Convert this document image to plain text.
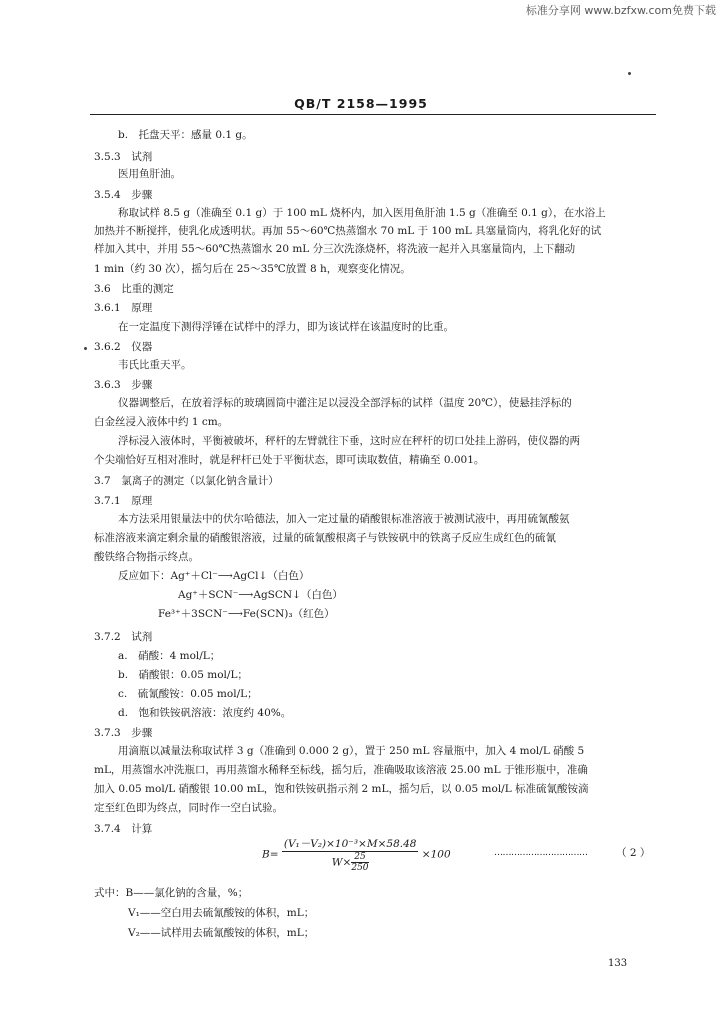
标准分享网 www.bzfxw.com免费下载
QB/T 2158—1995
b.　托盘天平：感量 0.1 g。
3.5.3　试剂
医用鱼肝油。
3.5.4　步骤
称取试样 8.5 g（准确至 0.1 g）于 100 mL 烧杯内，加入医用鱼肝油 1.5 g（准确至 0.1 g），在水浴上
加热并不断搅拌，使乳化成透明状。再加 55～60℃热蒸馏水 70 mL 于 100 mL 具塞量筒内，将乳化好的试
样加入其中，并用 55～60℃热蒸馏水 20 mL 分三次洗涤烧杯，将洗液一起并入具塞量筒内，上下翻动
1 min（约 30 次），摇匀后在 25～35℃放置 8 h，观察变化情况。
3.6　比重的测定
3.6.1　原理
在一定温度下测得浮锤在试样中的浮力，即为该试样在该温度时的比重。
3.6.2　仪器
韦氏比重天平。
3.6.3　步骤
仪器调整后，在放着浮标的玻璃圆筒中灌注足以浸没全部浮标的试样（温度 20℃），使悬挂浮标的
白金丝浸入液体中约 1 cm。
浮标浸入液体时，平衡被破坏，秤杆的左臂就往下垂，这时应在秤杆的切口处挂上游码，使仪器的两
个尖端恰好互相对准时，就是秤杆已处于平衡状态，即可读取数值，精确至 0.001。
3.7　氯离子的测定（以氯化钠含量计）
3.7.1　原理
本方法采用银量法中的伏尔哈德法，加入一定过量的硝酸银标准溶液于被测试液中，再用硫氰酸氨
标准溶液来滴定剩余量的硝酸银溶液，过量的硫氰酸根离子与铁铵矾中的铁离子反应生成红色的硫氰
酸铁络合物指示终点。
反应如下：Ag⁺＋Cl⁻⟶AgCl↓（白色）
Ag⁺＋SCN⁻⟶AgSCN↓（白色）
Fe³⁺＋3SCN⁻⟶Fe(SCN)₃（红色）
3.7.2　试剂
a.　硝酸：4 mol/L；
b.　硝酸银：0.05 mol/L；
c.　硫氰酸铵：0.05 mol/L；
d.　饱和铁铵矾溶液：浓度约 40%。
3.7.3　步骤
用滴瓶以减量法称取试样 3 g（准确到 0.000 2 g），置于 250 mL 容量瓶中，加入 4 mol/L 硝酸 5
mL，用蒸馏水冲洗瓶口，再用蒸馏水稀释至标线，摇匀后，准确吸取该溶液 25.00 mL 于锥形瓶中，准确
加入 0.05 mol/L 硝酸银 10.00 mL，饱和铁铵矾指示剂 2 mL，摇匀后，以 0.05 mol/L 标准硫氰酸铵滴
定至红色即为终点，同时作一空白试验。
3.7.4　计算
$B= \frac{\text{(V₁－V₂)×10⁻³×M×58.48}}{W\times \frac{25}{250}} \times 100$	……………………………	（ 2 ）
式中：B——氯化钠的含量，%；
V₁——空白用去硫氰酸铵的体积，mL；
V₂——试样用去硫氰酸铵的体积，mL；
133
